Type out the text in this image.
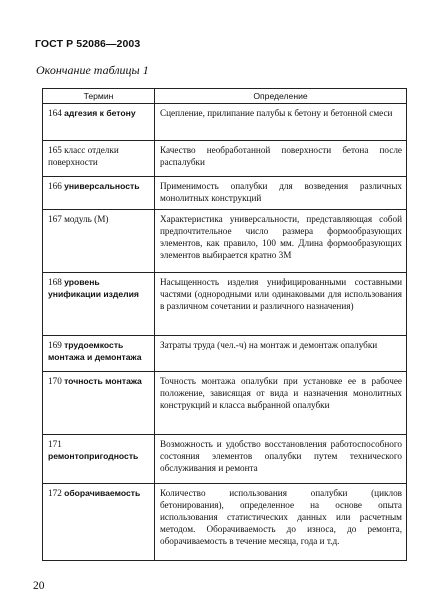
ГОСТ Р 52086—2003
Окончание таблицы 1
Термин	Определение
164 адгезия к бетону	Сцепление, прилипание палубы к бетону и бетонной смеси
165 класс отделки поверхности	Качество необработанной поверхности бетона после распалубки
166 универсальность	Применимость опалубки для возведения различных монолитных конструкций
167 модуль (М)	Характеристика универсальности, представляющая собой предпочтительное число размера формообразующих элементов, как правило, 100 мм. Длина формообразующих элементов выбирается кратно 3М
168 уровень унификации изделия	Насыщенность изделия унифицированными составными частями (однородными или одинаковыми для использования в различном сочетании и различного назначения)
169 трудоемкость монтажа и демонтажа	Затраты труда (чел.-ч) на монтаж и демонтаж опалубки
170 точность монтажа	Точность монтажа опалубки при установке ее в рабочее положение, зависящая от вида и назначения монолитных конструкций и класса выбранной опалубки
171 ремонтопригодность	Возможность и удобство восстановления работоспособного состояния элементов опалубки путем технического обслуживания и ремонта
172 оборачиваемость	Количество использования опалубки (циклов бетонирования), определенное на основе опыта использования статистических данных или расчетным методом. Оборачиваемость до износа, до ремонта, оборачиваемость в течение месяца, года и т.д.
20
